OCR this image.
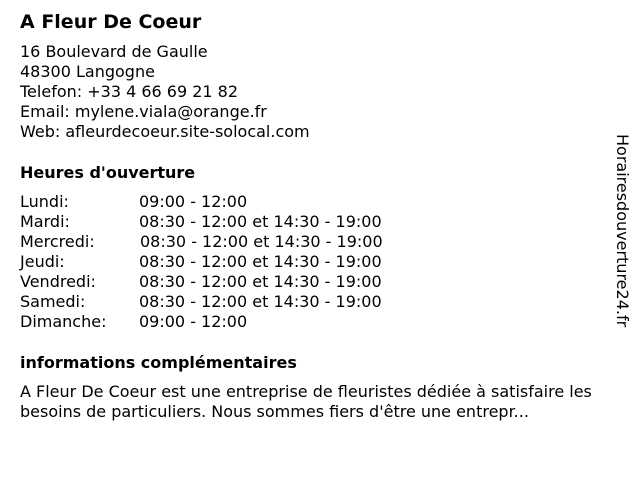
A Fleur De Coeur
16 Boulevard de Gaulle
48300 Langogne
Telefon: +33 4 66 69 21 82
Email: mylene.viala@orange.fr
Web: afleurdecoeur.site-solocal.com
Heures d'ouverture
Lundi:	09:00 - 12:00
Mardi:	08:30 - 12:00 et 14:30 - 19:00
Mercredi:	08:30 - 12:00 et 14:30 - 19:00
Jeudi:	08:30 - 12:00 et 14:30 - 19:00
Vendredi:	08:30 - 12:00 et 14:30 - 19:00
Samedi:	08:30 - 12:00 et 14:30 - 19:00
Dimanche: 09:00 - 12:00
informations complémentaires
A Fleur De Coeur est une entreprise de fleuristes dédiée à satisfaire les besoins de particuliers. Nous sommes fiers d'être une entrepr...
Horairesdouverture24.fr
